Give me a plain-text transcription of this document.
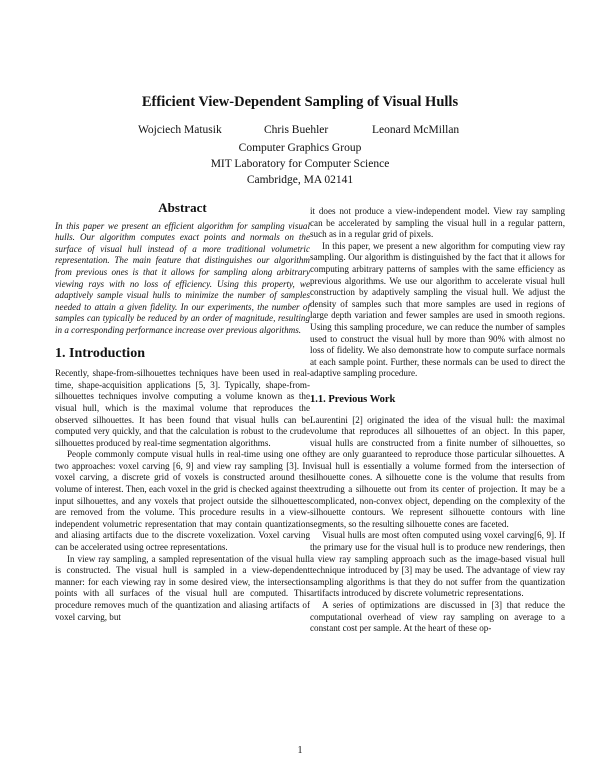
Efficient View-Dependent Sampling of Visual Hulls
Wojciech Matusik	Chris Buehler	Leonard McMillan
Computer Graphics Group
MIT Laboratory for Computer Science
Cambridge, MA 02141
Abstract

In this paper we present an efficient algorithm for sampling visual hulls. Our algorithm computes exact points and normals on the surface of visual hull instead of a more traditional volumetric representation. The main feature that distinguishes our algorithm from previous ones is that it allows for sampling along arbitrary viewing rays with no loss of efficiency. Using this property, we adaptively sample visual hulls to minimize the number of samples needed to attain a given fidelity. In our experiments, the number of samples can typically be reduced by an order of magnitude, resulting in a corresponding performance increase over previous algorithms.

1. Introduction

Recently, shape-from-silhouettes techniques have been used in real-time, shape-acquisition applications [5, 3]. Typically, shape-from-silhouettes techniques involve computing a volume known as the visual hull, which is the maximal volume that reproduces the observed silhouettes. It has been found that visual hulls can be computed very quickly, and that the calculation is robust to the crude silhouettes produced by real-time segmentation algorithms.

People commonly compute visual hulls in real-time using one of two approaches: voxel carving [6, 9] and view ray sampling [3]. In voxel carving, a discrete grid of voxels is constructed around the volume of interest. Then, each voxel in the grid is checked against the input silhouettes, and any voxels that project outside the silhouettes are removed from the volume. This procedure results in a view-independent volumetric representation that may contain quantization and aliasing artifacts due to the discrete voxelization. Voxel carving can be accelerated using octree representations.

In view ray sampling, a sampled representation of the visual hull is constructed. The visual hull is sampled in a view-dependent manner: for each viewing ray in some desired view, the intersection points with all surfaces of the visual hull are computed. This procedure removes much of the quantization and aliasing artifacts of voxel carving, but

it does not produce a view-independent model. View ray sampling can be accelerated by sampling the visual hull in a regular pattern, such as in a regular grid of pixels.

In this paper, we present a new algorithm for computing view ray sampling. Our algorithm is distinguished by the fact that it allows for computing arbitrary patterns of samples with the same efficiency as previous algorithms. We use our algorithm to accelerate visual hull construction by adaptively sampling the visual hull. We adjust the density of samples such that more samples are used in regions of large depth variation and fewer samples are used in smooth regions. Using this sampling procedure, we can reduce the number of samples used to construct the visual hull by more than 90% with almost no loss of fidelity. We also demonstrate how to compute surface normals at each sample point. Further, these normals can be used to direct the adaptive sampling procedure.

1.1. Previous Work

Laurentini [2] originated the idea of the visual hull: the maximal volume that reproduces all silhouettes of an object. In this paper, visual hulls are constructed from a finite number of silhouettes, so they are only guaranteed to reproduce those particular silhouettes. A visual hull is essentially a volume formed from the intersection of silhouette cones. A silhouette cone is the volume that results from extruding a silhouette out from its center of projection. It may be a complicated, non-convex object, depending on the complexity of the silhouette contours. We represent silhouette contours with line segments, so the resulting silhouette cones are faceted.

Visual hulls are most often computed using voxel carving[6, 9]. If the primary use for the visual hull is to produce new renderings, then a view ray sampling approach such as the image-based visual hull technique introduced by [3] may be used. The advantage of view ray sampling algorithms is that they do not suffer from the quantization artifacts introduced by discrete volumetric representations.

A series of optimizations are discussed in [3] that reduce the computational overhead of view ray sampling on average to a constant cost per sample. At the heart of these op-

1
